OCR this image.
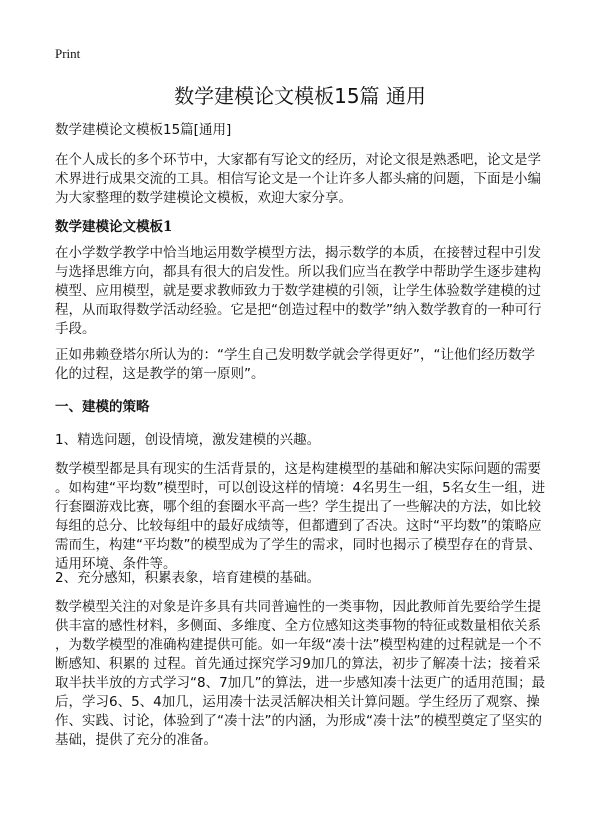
Print
数学建模论文模板15篇 通用
数学建模论文模板15篇[通用]
在个人成长的多个环节中，大家都有写论文的经历，对论文很是熟悉吧，论文是学
术界进行成果交流的工具。相信写论文是一个让许多人都头痛的问题，下面是小编
为大家整理的数学建模论文模板，欢迎大家分享。
数学建模论文模板1
在小学数学教学中恰当地运用数学模型方法，揭示数学的本质，在接替过程中引发
与选择思维方向，都具有很大的启发性。所以我们应当在教学中帮助学生逐步建构
模型、应用模型，就是要求教师致力于数学建模的引领，让学生体验数学建模的过
程，从而取得数学活动经验。它是把“创造过程中的数学”纳入数学教育的一种可行
手段。
正如弗赖登塔尔所认为的：“学生自己发明数学就会学得更好”，“让他们经历数学
化的过程，这是教学的第一原则”。
一、建模的策略
1、精选问题，创设情境，激发建模的兴趣。
数学模型都是具有现实的生活背景的，这是构建模型的基础和解决实际问题的需要
。如构建“平均数”模型时，可以创设这样的情境：4名男生一组，5名女生一组，进
行套圈游戏比赛，哪个组的套圈水平高一些？学生提出了一些解决的方法，如比较
每组的总分、比较每组中的最好成绩等，但都遭到了否决。这时“平均数”的策略应
需而生，构建“平均数”的模型成为了学生的需求，同时也揭示了模型存在的背景、
适用环境、条件等。
2、充分感知，积累表象，培育建模的基础。
数学模型关注的对象是许多具有共同普遍性的一类事物，因此教师首先要给学生提
供丰富的感性材料，多侧面、多维度、全方位感知这类事物的特征或数量相依关系
，为数学模型的准确构建提供可能。如一年级“凑十法”模型构建的过程就是一个不
断感知、积累的 过程。首先通过探究学习9加几的算法，初步了解凑十法；接着采
取半扶半放的方式学习“8、7加几”的算法，进一步感知凑十法更广的适用范围；最
后，学习6、5、4加几，运用凑十法灵活解决相关计算问题。学生经历了观察、操
作、实践、讨论，体验到了“凑十法”的内涵，为形成“凑十法”的模型奠定了坚实的
基础，提供了充分的准备。
